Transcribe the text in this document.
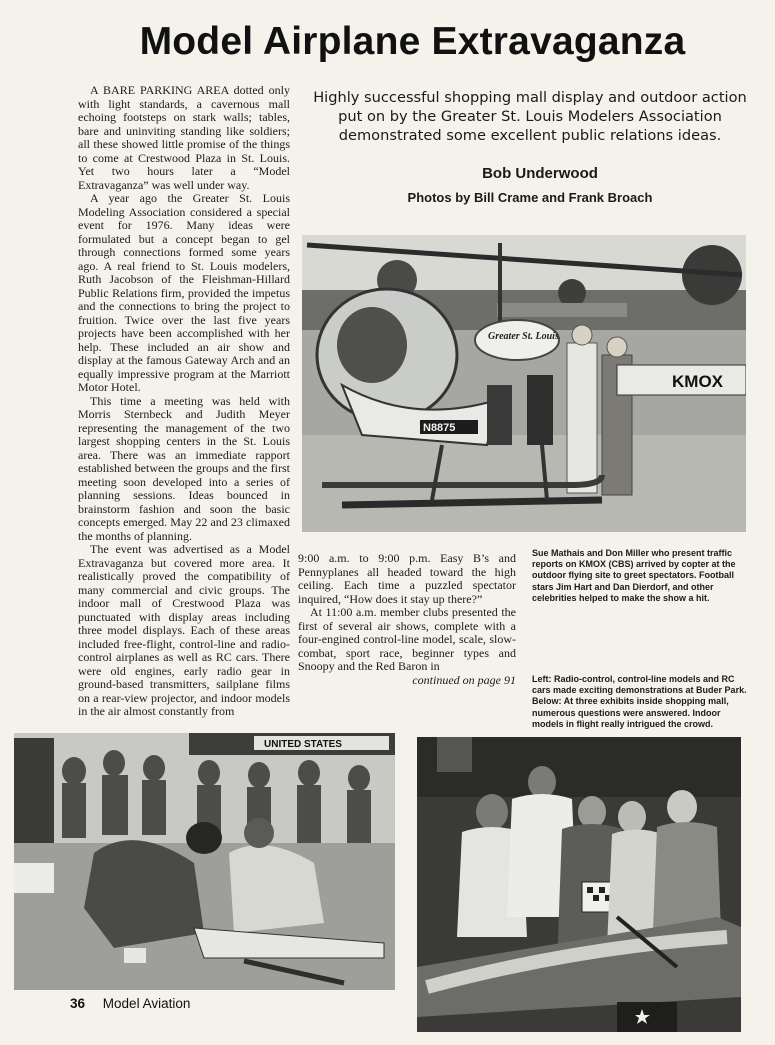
Model Airplane Extravaganza

Highly successful shopping mall display and outdoor action put on by the Greater St. Louis Modelers Association demonstrated some excellent public relations ideas.

Bob Underwood

Photos by Bill Crame and Frank Broach

A BARE PARKING AREA dotted only with light standards, a cavernous mall echoing footsteps on stark walls; tables, bare and uninviting standing like soldiers; all these showed little promise of the things to come at Crestwood Plaza in St. Louis. Yet two hours later a “Model Extravaganza” was well under way.

A year ago the Greater St. Louis Modeling Association considered a special event for 1976. Many ideas were formulated but a concept began to gel through connections formed some years ago. A real friend to St. Louis modelers, Ruth Jacobson of the Fleishman-Hillard Public Relations firm, provided the impetus and the connections to bring the project to fruition. Twice over the last five years projects have been accomplished with her help. These included an air show and display at the famous Gateway Arch and an equally impressive program at the Marriott Motor Hotel.

This time a meeting was held with Morris Sternbeck and Judith Meyer representing the management of the two largest shopping centers in the St. Louis area. There was an immediate rapport established between the groups and the first meeting soon developed into a series of planning sessions. Ideas bounced in brainstorm fashion and soon the basic concepts emerged. May 22 and 23 climaxed the months of planning.

The event was advertised as a Model Extravaganza but covered more area. It realistically proved the compatibility of many commercial and civic groups. The indoor mall of Crestwood Plaza was punctuated with display areas including three model displays. Each of these areas included free-flight, control-line and radio-control airplanes as well as RC cars. There were old engines, early radio gear in ground-based transmitters, sailplane films on a rear-view projector, and indoor models in the air almost constantly from

9:00 a.m. to 9:00 p.m. Easy B’s and Pennyplanes all headed toward the high ceiling. Each time a puzzled spectator inquired, “How does it stay up there?”

At 11:00 a.m. member clubs presented the first of several air shows, complete with a four-engined control-line model, scale, slow-combat, sport race, beginner types and Snoopy and the Red Baron in

continued on page 91

Sue Mathais and Don Miller who present traffic reports on KMOX (CBS) arrived by copter at the outdoor flying site to greet spectators. Football stars Jim Hart and Dan Dierdorf, and other celebrities helped to make the show a hit.

Left: Radio-control, control-line models and RC cars made exciting demonstrations at Buder Park. Below: At three exhibits inside shopping mall, numerous questions were answered. Indoor models in flight really intrigued the crowd.

N8875
Greater St. Louis
KMOX
UNITED STATES
36 Model Aviation
